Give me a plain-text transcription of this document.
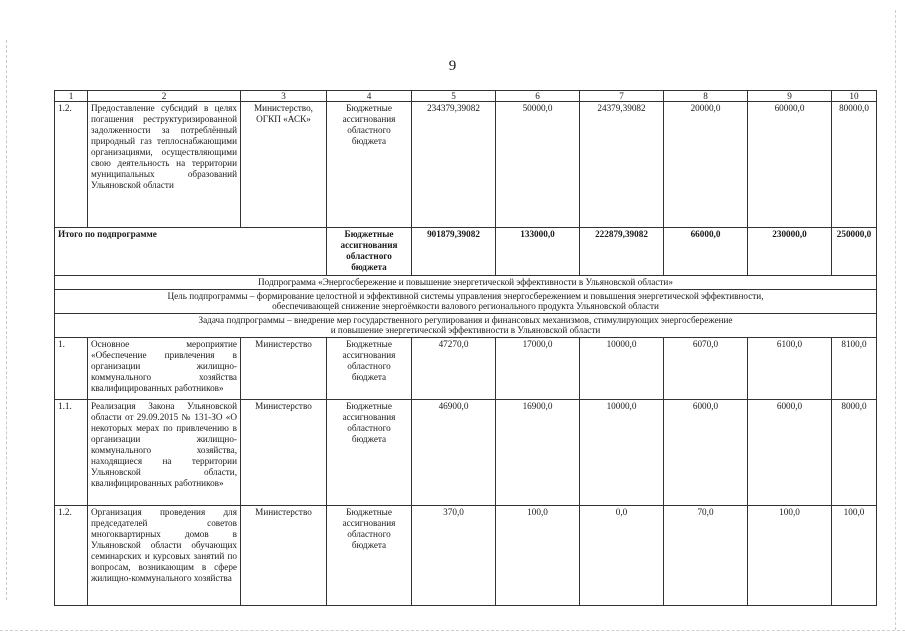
9
1	2	3	4	5	6	7	8	9	10
1.2.	Предоставление субсидий в целях погашения реструктуризированной задолженности за потреблённый природный газ теплоснабжающими организациями, осуществляющими свою деятельность на территории муниципальных образований Ульяновской области	Министерство, ОГКП «АСК»	Бюджетные ассигнования областного бюджета	234379,39082	50000,0	24379,39082	20000,0	60000,0	80000,0
Итого по подпрограмме			Бюджетные ассигнования областного бюджета	901879,39082	133000,0	222879,39082	66000,0	230000,0	250000,0
Подпрограмма «Энергосбережение и повышение энергетической эффективности в Ульяновской области»									

Цель подпрограммы – формирование целостной и эффективной системы управления энергосбережением и повышения энергетической эффективности,
обеспечивающей снижение энергоёмкости валового регионального продукта Ульяновской области									

Задача подпрограммы – внедрение мер государственного регулирования и финансовых механизмов, стимулирующих энергосбережение
и повышение энергетической эффективности в Ульяновской области									

1.	Основное мероприятие «Обеспечение привлечения в организации жилищно-коммунального хозяйства квалифицированных работников»	Министерство	Бюджетные ассигнования областного бюджета	47270,0	17000,0	10000,0	6070,0	6100,0	8100,0
1.1.	Реализация Закона Ульяновской области от 29.09.2015 № 131-ЗО «О некоторых мерах по привлечению в организации жилищно-коммунального хозяйства, находящиеся на территории Ульяновской области, квалифицированных работников»	Министерство	Бюджетные ассигнования областного бюджета	46900,0	16900,0	10000,0	6000,0	6000,0	8000,0
1.2.	Организация проведения для председателей советов многоквартирных домов в Ульяновской области обучающих семинарских и курсовых занятий по вопросам, возникающим в сфере жилищно-коммунального хозяйства	Министерство	Бюджетные ассигнования областного бюджета	370,0	100,0	0,0	70,0	100,0	100,0
